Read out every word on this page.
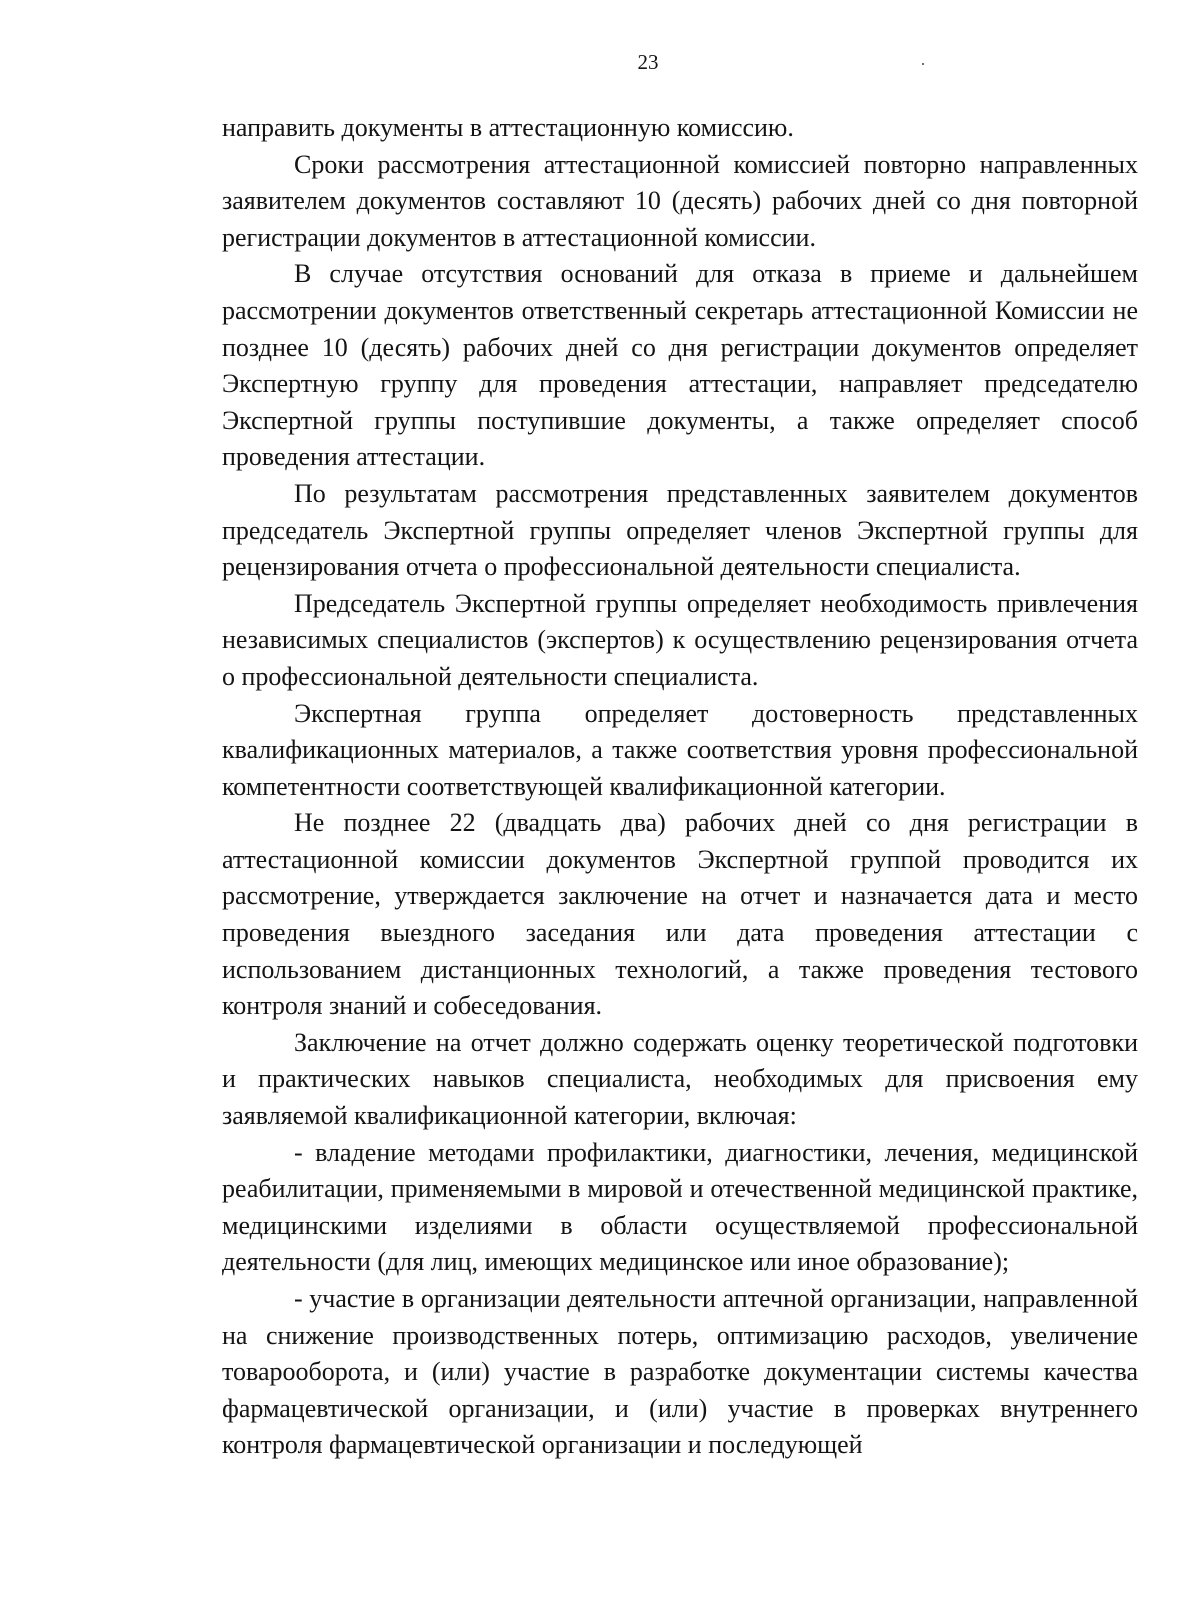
23	·

направить документы в аттестационную комиссию.

Сроки рассмотрения аттестационной комиссией повторно направленных заявителем документов составляют 10 (десять) рабочих дней со дня повторной регистрации документов в аттестационной комиссии.

В случае отсутствия оснований для отказа в приеме и дальнейшем рассмотрении документов ответственный секретарь аттестационной Комиссии не позднее 10 (десять) рабочих дней со дня регистрации документов определяет Экспертную группу для проведения аттестации, направляет председателю Экспертной группы поступившие документы, а также определяет способ проведения аттестации.

По результатам рассмотрения представленных заявителем документов председатель Экспертной группы определяет членов Экспертной группы для рецензирования отчета о профессиональной деятельности специалиста.

Председатель Экспертной группы определяет необходимость привлечения независимых специалистов (экспертов) к осуществлению рецензирования отчета о профессиональной деятельности специалиста.

Экспертная группа определяет достоверность представленных квалификационных материалов, а также соответствия уровня профессиональной компетентности соответствующей квалификационной категории.

Не позднее 22 (двадцать два) рабочих дней со дня регистрации в аттестационной комиссии документов Экспертной группой проводится их рассмотрение, утверждается заключение на отчет и назначается дата и место проведения выездного заседания или дата проведения аттестации с использованием дистанционных технологий, а также проведения тестового контроля знаний и собеседования.

Заключение на отчет должно содержать оценку теоретической подготовки и практических навыков специалиста, необходимых для присвоения ему заявляемой квалификационной категории, включая:

- владение методами профилактики, диагностики, лечения, медицинской реабилитации, применяемыми в мировой и отечественной медицинской практике, медицинскими изделиями в области осуществляемой профессиональной деятельности (для лиц, имеющих медицинское или иное образование);

- участие в организации деятельности аптечной организации, направленной на снижение производственных потерь, оптимизацию расходов, увеличение товарооборота, и (или) участие в разработке документации системы качества фармацевтической организации, и (или) участие в проверках внутреннего контроля фармацевтической организации и последующей
